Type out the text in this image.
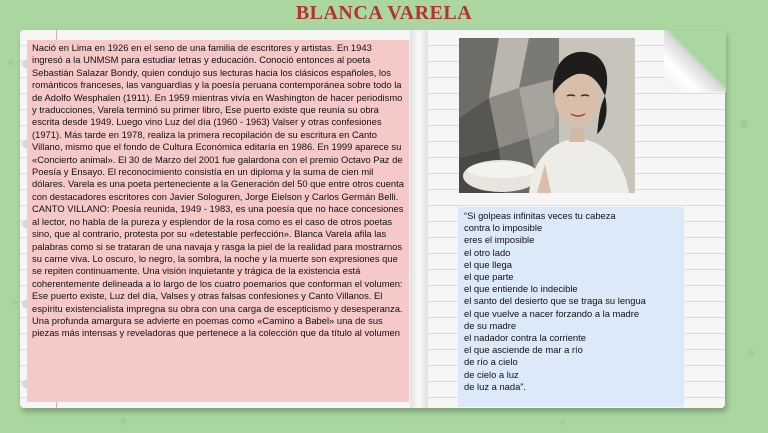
BLANCA VARELA

Nació en Lima en 1926 en el seno de una familia de escritores y artistas. En 1943 ingresó a la UNMSM para estudiar letras y educación. Conoció entonces al poeta Sebastián Salazar Bondy, quien condujo sus lecturas hacia los clásicos españoles, los románticos franceses, las vanguardias y la poesía peruana contemporánea sobre todo la de Adolfo Wesphalen (1911). En 1959 mientras vivía en Washington de hacer periodismo y traducciones, Varela terminó su primer libro, Ese puerto existe que reunía su obra escrita desde 1949. Luego vino Luz del día (1960 - 1963) Valser y otras confesiones (1971). Más tarde en 1978, realiza la primera recopilación de su escritura en Canto Villano, mismo que el fondo de Cultura Económica editaría en 1986. En 1999 aparece su «Concierto animal». El 30 de Marzo del 2001 fue galardona con el premio Octavo Paz de Poesía y Ensayo. El reconocimiento consistía en un diploma y la suma de cien mil dólares. Varela es una poeta perteneciente a la Generación del 50 que entre otros cuenta con destacadores escritores con Javier Sologuren, Jorge Eielson y Carlos Germán Belli. CANTO VILLANO: Poesía reunida, 1949 - 1983, es una poesía que no hace concesiones al lector, no habla de la pureza y esplendor de la rosa como es el caso de otros poetas sino, que al contrario, protesta por su «detestable perfección». Blanca Varela afila las palabras como si se trataran de una navaja y rasga la piel de la realidad para mostrarnos su carne viva. Lo oscuro, lo negro, la sombra, la noche y la muerte son expresiones que se repiten continuamente. Una visión inquietante y trágica de la existencia está coherentemente delineada a lo largo de los cuatro poemarios que conforman el volumen: Ese puerto existe, Luz del día, Valses y otras falsas confesiones y Canto Villanos. El espíritu existencialista impregna su obra con una carga de escepticismo y desesperanza. Una profunda amargura se advierte en poemas como «Camino a Babel» una de sus piezas más intensas y reveladoras que pertenece a la colección que da título al volumen

“Si golpeas infinitas veces tu cabeza
contra lo imposible
eres el imposible
el otro lado
el que llega
el que parte
el que entiende lo indecible
el santo del desierto que se traga su lengua
el que vuelve a nacer forzando a la madre
de su madre
el nadador contra la corriente
el que asciende de mar a río
de río a cielo
de cielo a luz
de luz a nada”.
